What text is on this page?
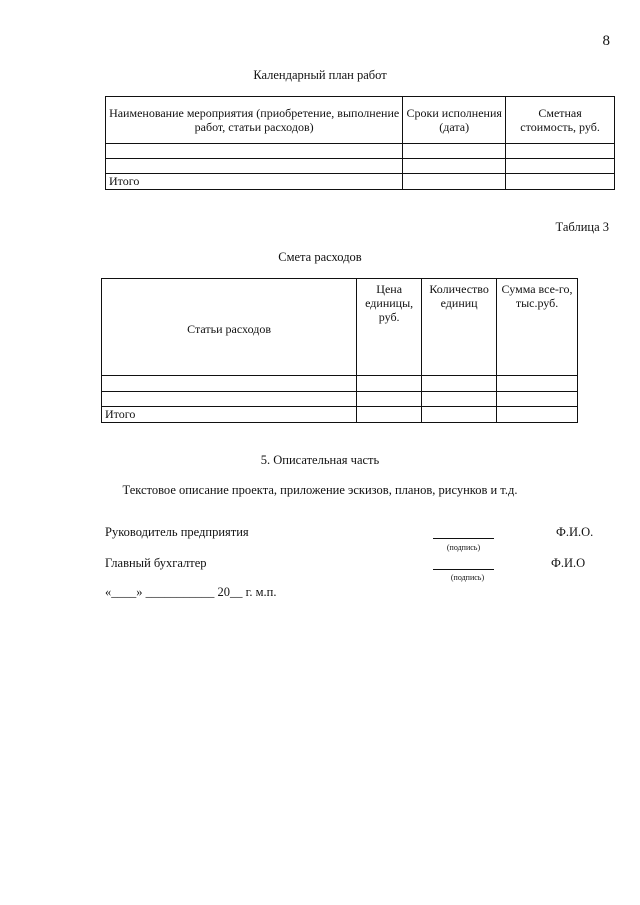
8
Календарный план работ
Наименование мероприятия (приобретение, выполнение работ, статьи расходов)	Сроки исполнения (дата)	Сметная стоимость, руб.

Итого		
Таблица 3
Смета расходов
Статьи расходов	Цена единицы, руб.	Количество единиц	Сумма все-го, тыс.руб.

Итого			
5. Описательная часть
Текстовое описание проекта, приложение эскизов, планов, рисунков и т.д.
Руководитель предприятия
(подпись)
Ф.И.О.
Главный бухгалтер
(подпись)
Ф.И.О
«____» ___________ 20__ г. м.п.
